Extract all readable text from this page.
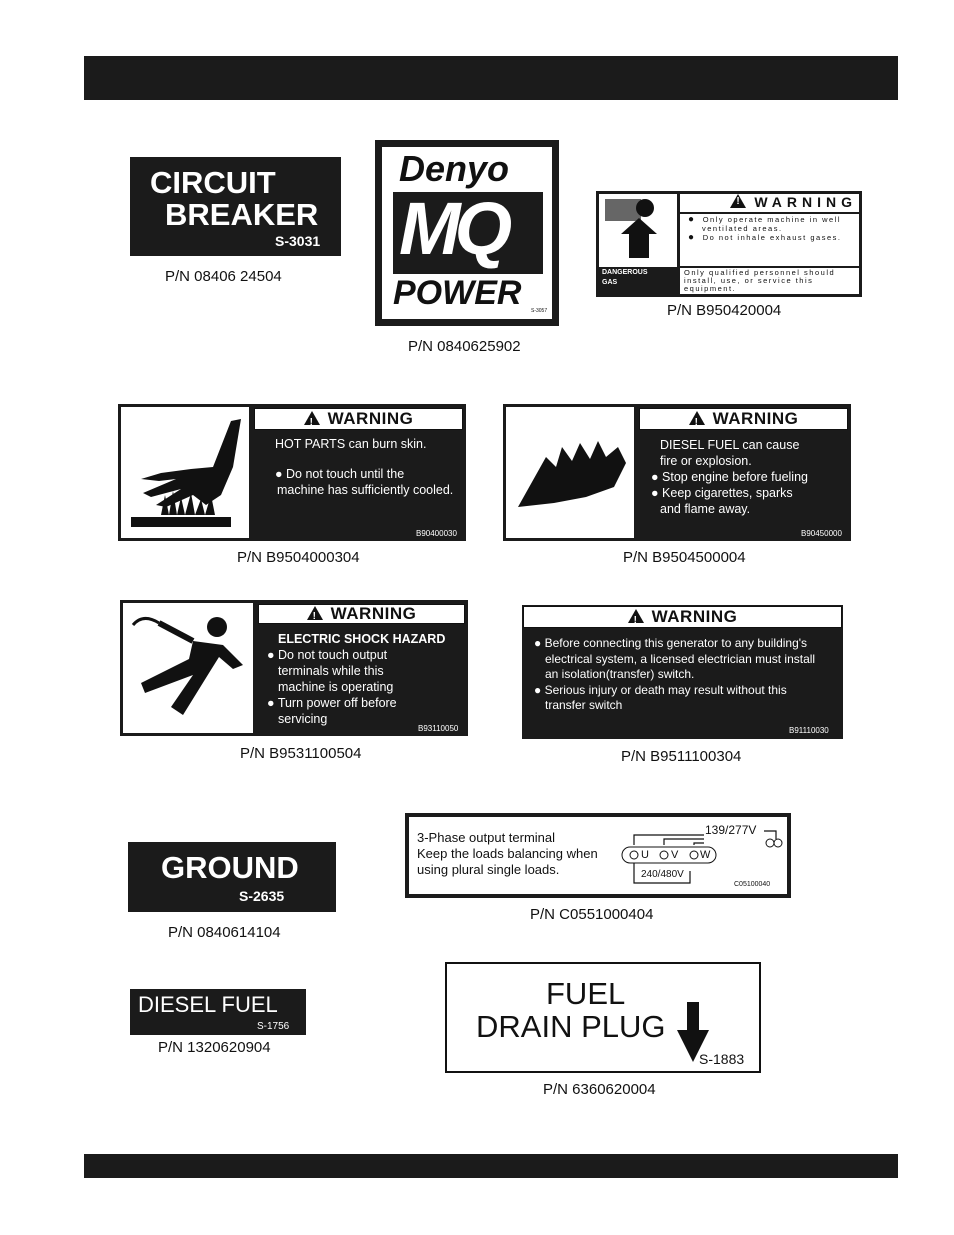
CIRCUIT
BREAKER
S-3031
P/N 08406 24504
Denyo
MQ
POWER S-3057
P/N 0840625902
!WARNING
● Only operate machine in well ventilated areas.
● Do not inhale exhaust gases.
Only qualified personnel should install, use, or service this equipment.
DANGEROUS
GAS
P/N B950420004
!WARNING
HOT PARTS can burn skin.
● Do not touch until the
machine has sufficiently cooled.
B90400030
P/N B9504000304
!WARNING
DIESEL FUEL can cause
fire or explosion.
● Stop engine before fueling
● Keep cigarettes, sparks
and flame away.
B90450000
P/N B9504500004
!WARNING
ELECTRIC SHOCK HAZARD
● Do not touch output
terminals while this
machine is operating
● Turn power off before
servicing
B93110050
P/N B9531100504
!WARNING
● Before connecting this generator to any building's
electrical system, a licensed electrician must install
an isolation(transfer) switch.
● Serious injury or death may result without this
transfer switch
B91110030
P/N B9511100304
GROUND
S-2635
P/N 0840614104
3-Phase output terminal
Keep the loads balancing when
using plural single loads.
139/277V
U V W
240/480V
C05100040
P/N C0551000404
DIESEL FUEL
S-1756
P/N 1320620904
FUEL
DRAIN PLUG
S-1883
P/N 6360620004
